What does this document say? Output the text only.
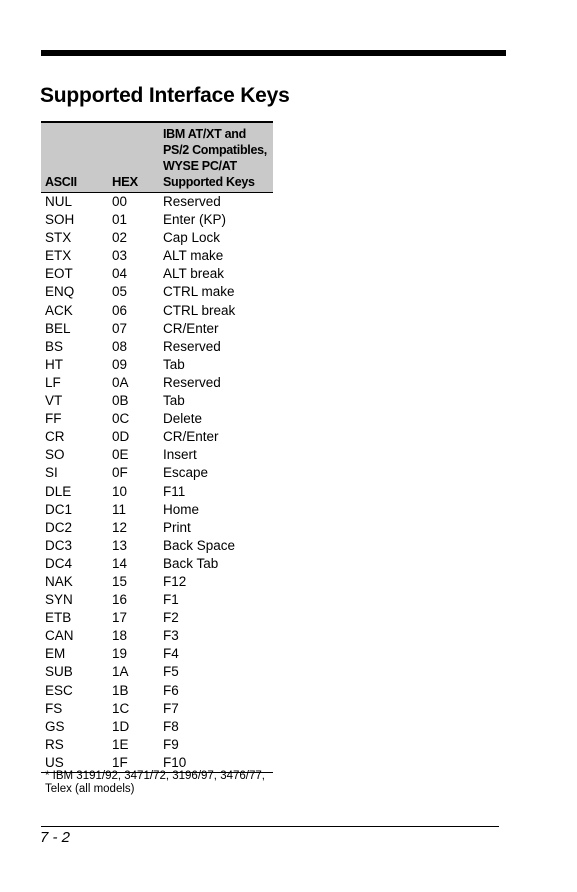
Supported Interface Keys
ASCII	HEX	IBM AT/XT and
PS/2 Compatibles,
WYSE PC/AT
Supported Keys

NUL	00	Reserved
SOH	01	Enter (KP)
STX	02	Cap Lock
ETX	03	ALT make
EOT	04	ALT break
ENQ	05	CTRL make
ACK	06	CTRL break
BEL	07	CR/Enter
BS	08	Reserved
HT	09	Tab
LF	0A	Reserved
VT	0B	Tab
FF	0C	Delete
CR	0D	CR/Enter
SO	0E	Insert
SI	0F	Escape
DLE	10	F11
DC1	11	Home
DC2	12	Print
DC3	13	Back Space
DC4	14	Back Tab
NAK	15	F12
SYN	16	F1
ETB	17	F2
CAN	18	F3
EM	19	F4
SUB	1A	F5
ESC	1B	F6
FS	1C	F7
GS	1D	F8
RS	1E	F9
US	1F	F10
* IBM 3191/92, 3471/72, 3196/97, 3476/77,
Telex (all models)
7 - 2
